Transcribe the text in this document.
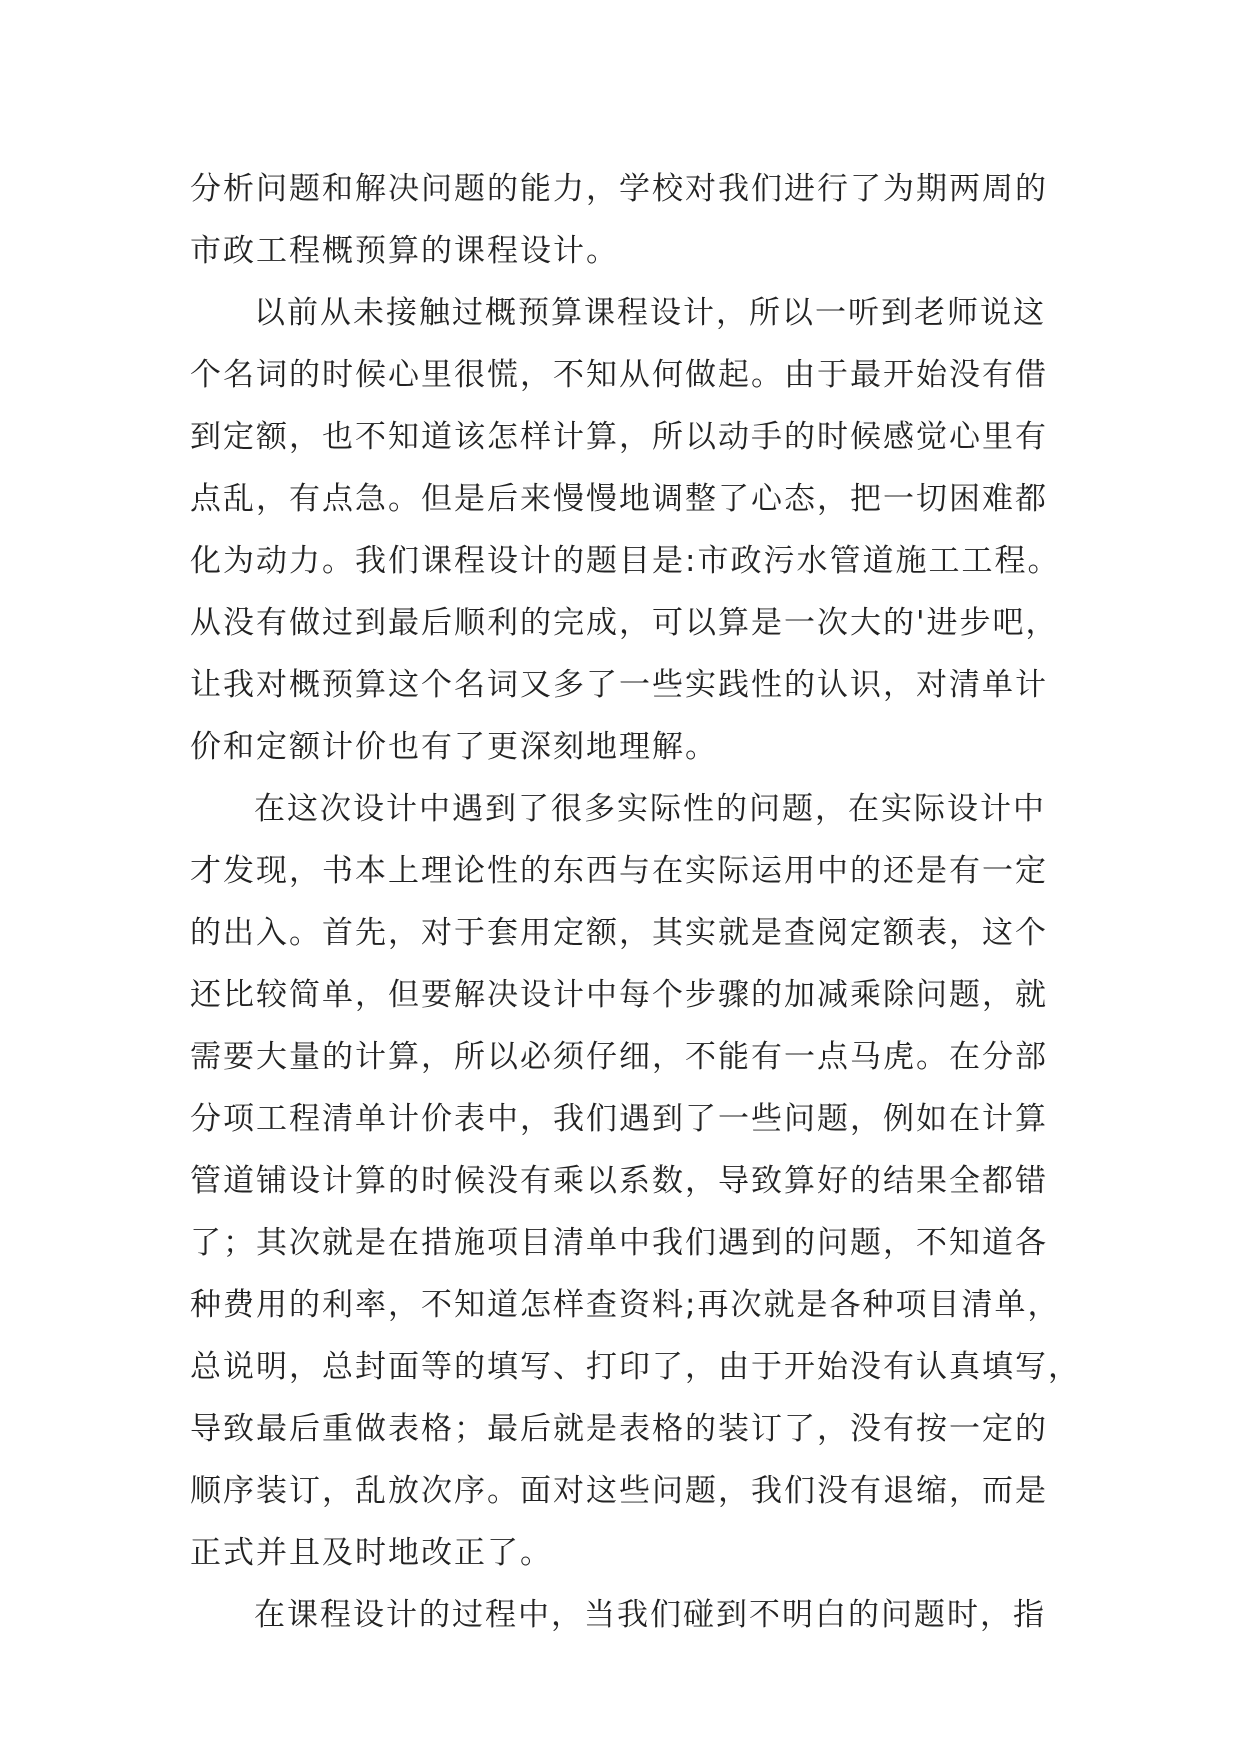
分析问题和解决问题的能力，学校对我们进行了为期两周的
市政工程概预算的课程设计。
以前从未接触过概预算课程设计，所以一听到老师说这
个名词的时候心里很慌，不知从何做起。由于最开始没有借
到定额，也不知道该怎样计算，所以动手的时候感觉心里有
点乱，有点急。但是后来慢慢地调整了心态，把一切困难都
化为动力。我们课程设计的题目是:市政污水管道施工工程。
从没有做过到最后顺利的完成，可以算是一次大的'进步吧，
让我对概预算这个名词又多了一些实践性的认识，对清单计
价和定额计价也有了更深刻地理解。
在这次设计中遇到了很多实际性的问题，在实际设计中
才发现，书本上理论性的东西与在实际运用中的还是有一定
的出入。首先，对于套用定额，其实就是查阅定额表，这个
还比较简单，但要解决设计中每个步骤的加减乘除问题，就
需要大量的计算，所以必须仔细，不能有一点马虎。在分部
分项工程清单计价表中，我们遇到了一些问题，例如在计算
管道铺设计算的时候没有乘以系数，导致算好的结果全都错
了；其次就是在措施项目清单中我们遇到的问题，不知道各
种费用的利率，不知道怎样查资料;再次就是各种项目清单，
总说明，总封面等的填写、打印了，由于开始没有认真填写，
导致最后重做表格；最后就是表格的装订了，没有按一定的
顺序装订，乱放次序。面对这些问题，我们没有退缩，而是
正式并且及时地改正了。
在课程设计的过程中，当我们碰到不明白的问题时，指
